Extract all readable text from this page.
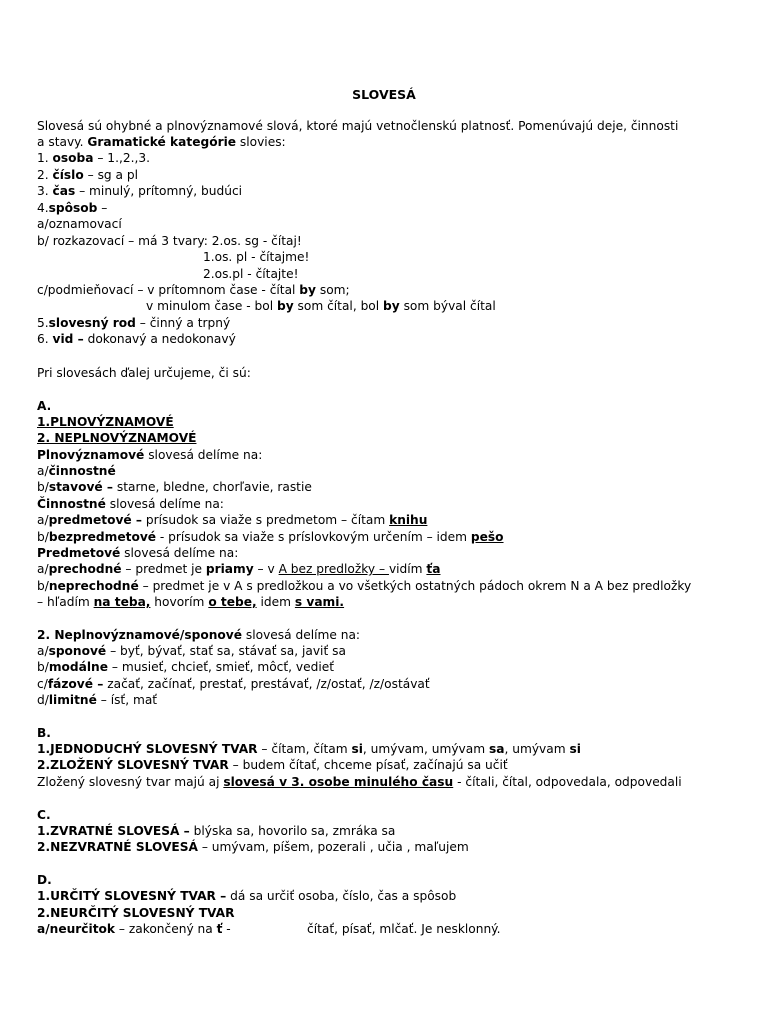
SLOVESÁ
Slovesá sú ohybné a plnovýznamové slová, ktoré majú vetnočlenskú platnosť. Pomenúvajú deje, činnosti
a stavy. Gramatické kategórie slovies:
1. osoba – 1.,2.,3.
2. číslo – sg a pl
3. čas – minulý, prítomný, budúci
4.spôsob –
a/oznamovací
b/ rozkazovací – má 3 tvary: 2.os. sg - čítaj!
1.os. pl - čítajme!
2.os.pl - čítajte!
c/podmieňovací – v prítomnom čase - čítal by som;
v minulom čase - bol by som čítal, bol by som býval čítal
5.slovesný rod – činný a trpný
6. vid – dokonavý a nedokonavý
Pri slovesách ďalej určujeme, či sú:
A.
1.PLNOVÝZNAMOVÉ
2. NEPLNOVÝZNAMOVÉ
Plnovýznamové slovesá delíme na:
a/činnostné
b/stavové – starne, bledne, chorľavie, rastie
Činnostné slovesá delíme na:
a/predmetové – prísudok sa viaže s predmetom – čítam knihu
b/bezpredmetové - prísudok sa viaže s príslovkovým určením – idem pešo
Predmetové slovesá delíme na:
a/prechodné – predmet je priamy – v A bez predložky – vidím ťa
b/neprechodné – predmet je v A s predložkou a vo všetkých ostatných pádoch okrem N a A bez predložky
– hľadím na teba, hovorím o tebe, idem s vami.
2. Neplnovýznamové/sponové slovesá delíme na:
a/sponové – byť, bývať, stať sa, stávať sa, javiť sa
b/modálne – musieť, chcieť, smieť, môcť, vedieť
c/fázové – začať, začínať, prestať, prestávať, /z/ostať, /z/ostávať
d/limitné – ísť, mať
B.
1.JEDNODUCHÝ SLOVESNÝ TVAR – čítam, čítam si, umývam, umývam sa, umývam si
2.ZLOŽENÝ SLOVESNÝ TVAR – budem čítať, chceme písať, začínajú sa učiť
Zložený slovesný tvar majú aj slovesá v 3. osobe minulého času - čítali, čítal, odpovedala, odpovedali
C.
1.ZVRATNÉ SLOVESÁ – blýska sa, hovorilo sa, zmráka sa
2.NEZVRATNÉ SLOVESÁ – umývam, píšem, pozerali , učia , maľujem
D.
1.URČITÝ SLOVESNÝ TVAR – dá sa určiť osoba, číslo, čas a spôsob
2.NEURČITÝ SLOVESNÝ TVAR
a/neurčitok – zakončený na ť -	čítať, písať, mlčať. Je nesklonný.
